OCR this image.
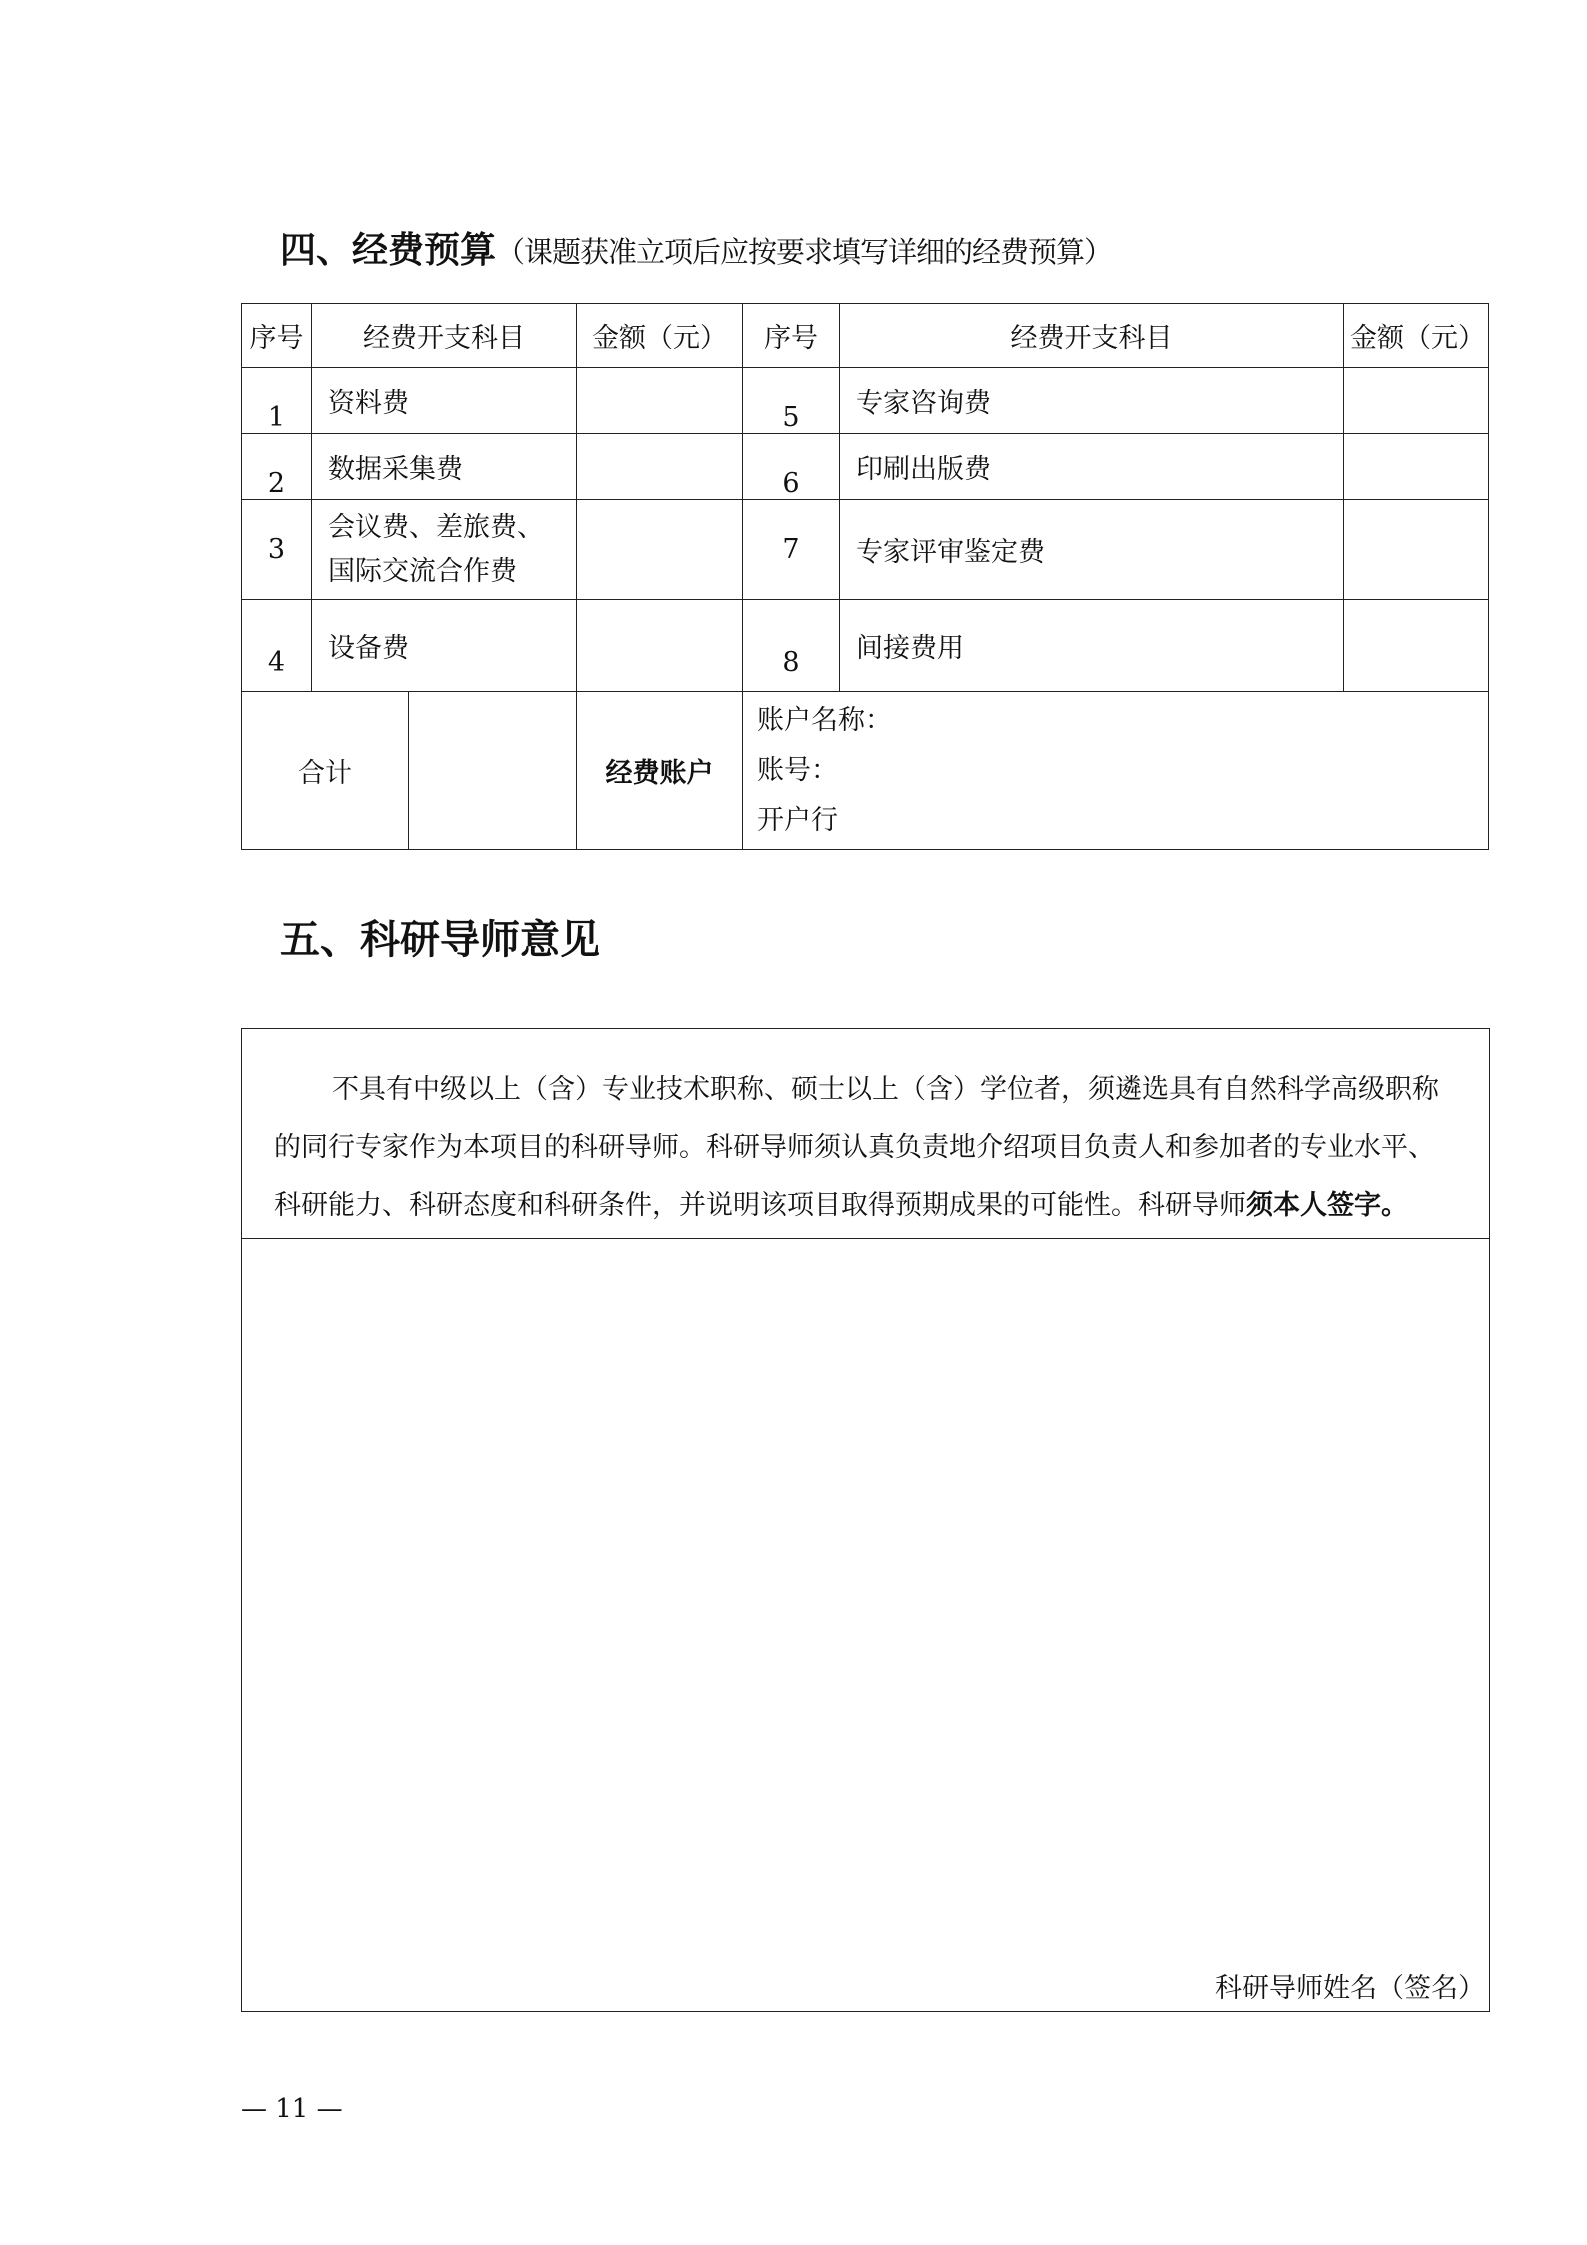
四、经费预算（课题获准立项后应按要求填写详细的经费预算）
序号	经费开支科目		金额（元）	序号	经费开支科目	金额（元）
1	资料费			5	专家咨询费	
2	数据采集费			6	印刷出版费	
3	会议费、差旅费、国际交流合作费			7	专家评审鉴定费	
4	设备费			8	间接费用	
合计			经费账户	账户名称：
账号：
开户行		
五、科研导师意见
不具有中级以上（含）专业技术职称、硕士以上（含）学位者，须遴选具有自然科学高级职称的同行专家作为本项目的科研导师。科研导师须认真负责地介绍项目负责人和参加者的专业水平、科研能力、科研态度和科研条件，并说明该项目取得预期成果的可能性。科研导师须本人签字。
科研导师姓名（签名）
— 11 —
